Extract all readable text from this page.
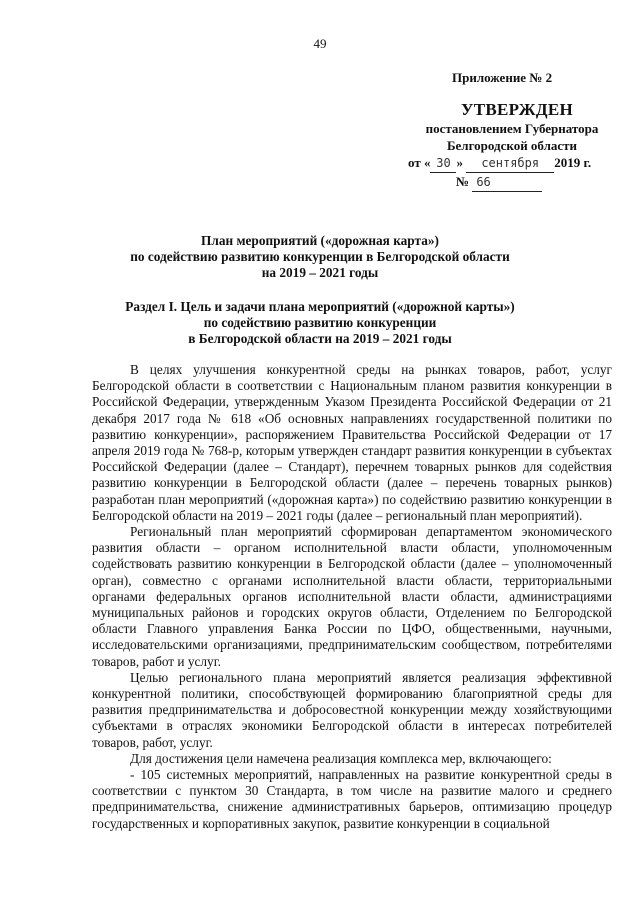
49
Приложение № 2
УТВЕРЖДЕН
постановлением Губернатора
Белгородской области
от « 30 » сентября 2019 г.
№ 66
План мероприятий («дорожная карта»)
по содействию развитию конкуренции в Белгородской области
на 2019 – 2021 годы
Раздел I. Цель и задачи плана мероприятий («дорожной карты»)
по содействию развитию конкуренции
в Белгородской области на 2019 – 2021 годы

В целях улучшения конкурентной среды на рынках товаров, работ, услуг Белгородской области в соответствии с Национальным планом развития конкуренции в Российской Федерации, утвержденным Указом Президента Российской Федерации от 21 декабря 2017 года № 618 «Об основных направлениях государственной политики по развитию конкуренции», распоряжением Правительства Российской Федерации от 17 апреля 2019 года № 768-р, которым утвержден стандарт развития конкуренции в субъектах Российской Федерации (далее – Стандарт), перечнем товарных рынков для содействия развитию конкуренции в Белгородской области (далее – перечень товарных рынков) разработан план мероприятий («дорожная карта») по содействию развитию конкуренции в Белгородской области на 2019 – 2021 годы (далее – региональный план мероприятий).

Региональный план мероприятий сформирован департаментом экономического развития области – органом исполнительной власти области, уполномоченным содействовать развитию конкуренции в Белгородской области (далее – уполномоченный орган), совместно с органами исполнительной власти области, территориальными органами федеральных органов исполнительной власти области, администрациями муниципальных районов и городских округов области, Отделением по Белгородской области Главного управления Банка России по ЦФО, общественными, научными, исследовательскими организациями, предпринимательским сообществом, потребителями товаров, работ и услуг.

Целью регионального плана мероприятий является реализация эффективной конкурентной политики, способствующей формированию благоприятной среды для развития предпринимательства и добросовестной конкуренции между хозяйствующими субъектами в отраслях экономики Белгородской области в интересах потребителей товаров, работ, услуг.

Для достижения цели намечена реализация комплекса мер, включающего:

- 105 системных мероприятий, направленных на развитие конкурентной среды в соответствии с пунктом 30 Стандарта, в том числе на развитие малого и среднего предпринимательства, снижение административных барьеров, оптимизацию процедур государственных и корпоративных закупок, развитие конкуренции в социальной
